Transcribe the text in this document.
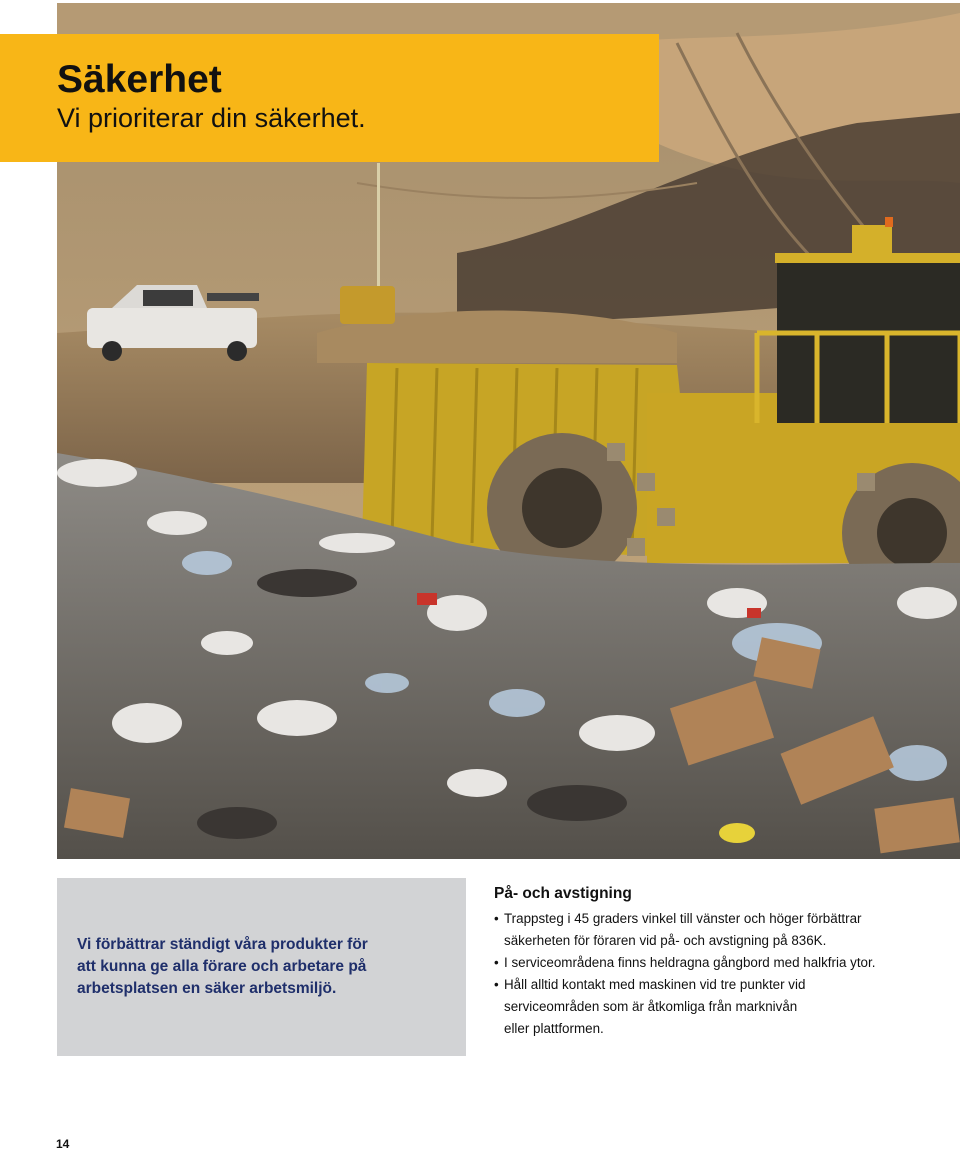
Säkerhet

Vi prioriterar din säkerhet.

Vi förbättrar ständigt våra produkter för
att kunna ge alla förare och arbetare på
arbetsplatsen en säker arbetsmiljö.

På- och avstigning

• Trappsteg i 45 graders vinkel till vänster och höger förbättrar
säkerheten för föraren vid på- och avstigning på 836K.
• I serviceområdena finns heldragna gångbord med halkfria ytor.
• Håll alltid kontakt med maskinen vid tre punkter vid
serviceområden som är åtkomliga från marknivån
eller plattformen.
14
